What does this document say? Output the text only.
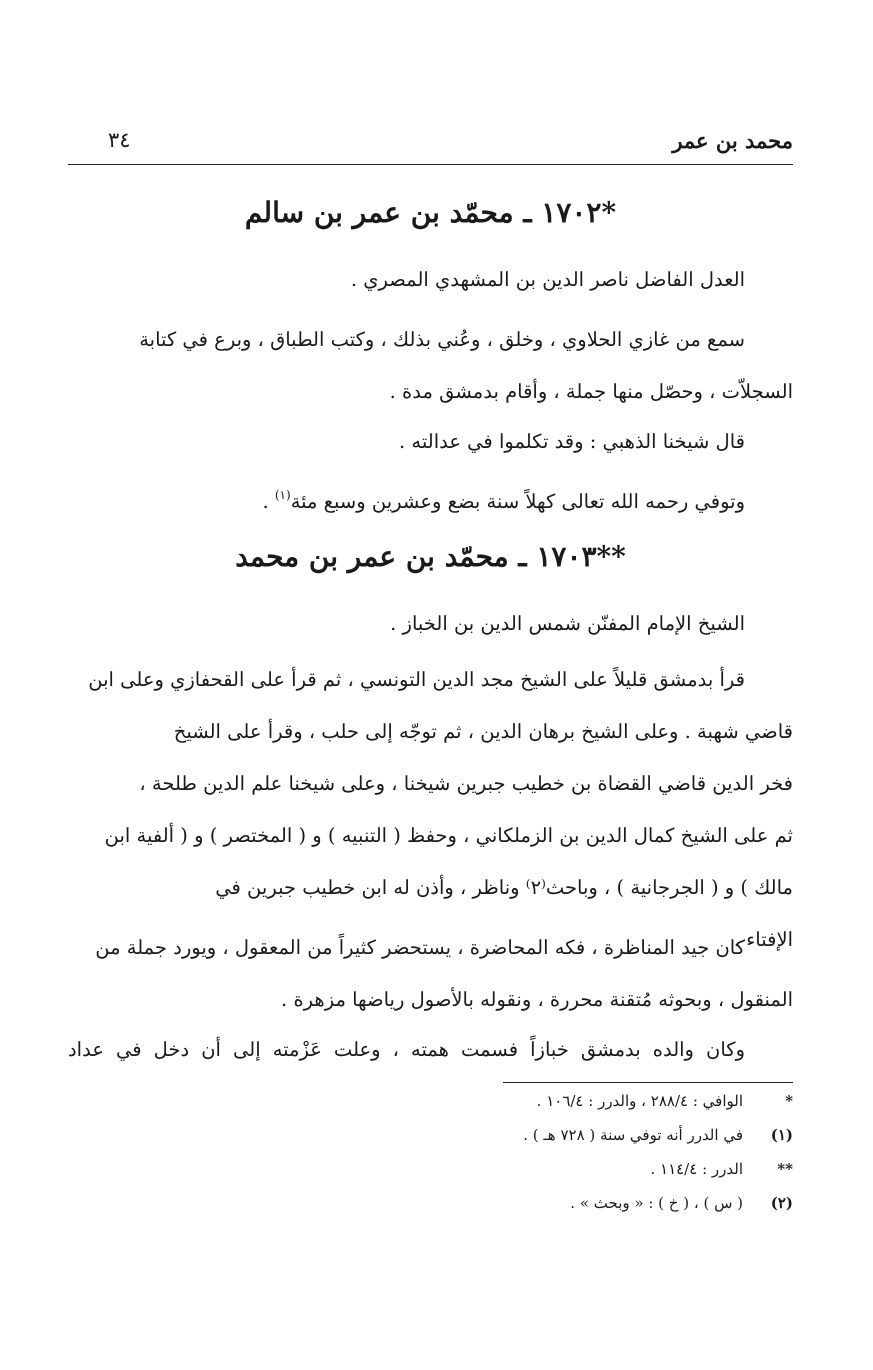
محمد بن عمر
٣٤
١٧٠٢ ـ محمّد بن عمر بن سالم*
العدل الفاضل ناصر الدين بن المشهدي المصري .
سمع من غازي الحلاوي ، وخلق ، وعُني بذلك ، وكتب الطباق ، وبرع في كتابة
السجلاّت ، وحصّل منها جملة ، وأقام بدمشق مدة .
قال شيخنا الذهبي : وقد تكلموا في عدالته .
وتوفي رحمه الله تعالى كهلاً سنة بضع وعشرين وسبع مئة$^{(١)}$ .
١٧٠٣ ـ محمّد بن عمر بن محمد**
الشيخ الإمام المفنّن شمس الدين بن الخباز .
قرأ بدمشق قليلاً على الشيخ مجد الدين التونسي ، ثم قرأ على القحفازي وعلى ابن
قاضي شهبة . وعلى الشيخ برهان الدين ، ثم توجّه إلى حلب ، وقرأ على الشيخ
فخر الدين قاضي القضاة بن خطيب جبرين شيخنا ، وعلى شيخنا علم الدين طلحة ،
ثم على الشيخ كمال الدين بن الزملكاني ، وحفظ ( التنبيه ) و ( المختصر ) و ( ألفية ابن
مالك ) و ( الجرجانية ) ، وباحث⁽٢⁾ وناظر ، وأذن له ابن خطيب جبرين في
الإفتاء .
كان جيد المناظرة ، فكه المحاضرة ، يستحضر كثيراً من المعقول ، ويورد جملة من
المنقول ، وبحوثه مُتقنة محررة ، ونقوله بالأصول رياضها مزهرة .
وكان والده بدمشق خبازاً فسمت همته ، وعلت عَزْمته إلى أن دخل في عداد
*
الوافي : ٢٨٨/٤ ، والدرر : ١٠٦/٤ .
(١)
في الدرر أنه توفي سنة ( ٧٢٨ هـ ) .
**
الدرر : ١١٤/٤ .
(٢)
( س ) ، ( خ ) : « وبحث » .
